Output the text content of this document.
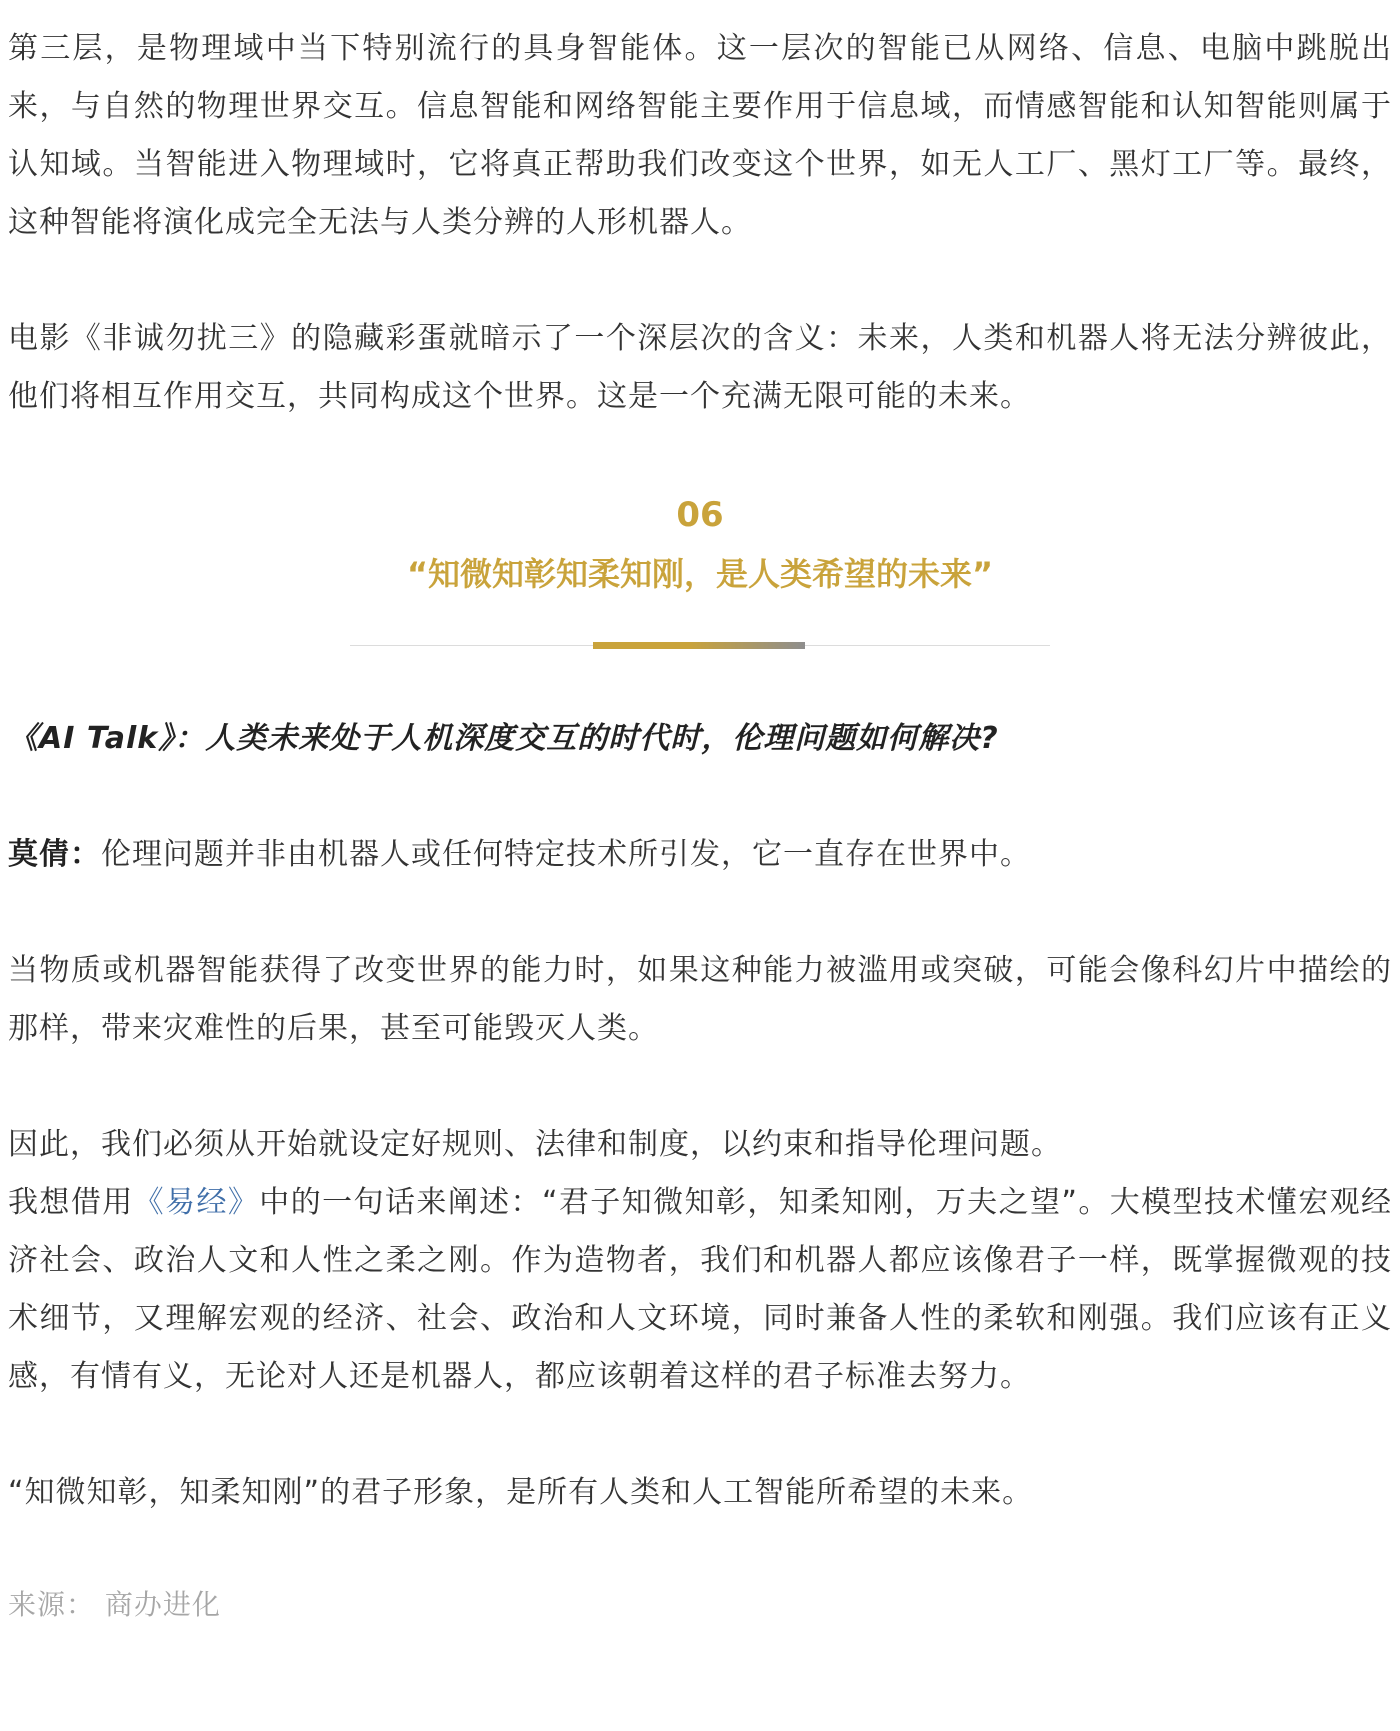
第三层，是物理域中当下特别流行的具身智能体。这一层次的智能已从网络、信息、电脑中跳脱出来，与自然的物理世界交互。信息智能和网络智能主要作用于信息域，而情感智能和认知智能则属于认知域。当智能进入物理域时，它将真正帮助我们改变这个世界，如无人工厂、黑灯工厂等。最终，这种智能将演化成完全无法与人类分辨的人形机器人。

电影《非诚勿扰三》的隐藏彩蛋就暗示了一个深层次的含义：未来，人类和机器人将无法分辨彼此，他们将相互作用交互，共同构成这个世界。这是一个充满无限可能的未来。

06
“知微知彰知柔知刚，是人类希望的未来”

《AI Talk》：人类未来处于人机深度交互的时代时，伦理问题如何解决?

莫倩：伦理问题并非由机器人或任何特定技术所引发，它一直存在世界中。

当物质或机器智能获得了改变世界的能力时，如果这种能力被滥用或突破，可能会像科幻片中描绘的那样，带来灾难性的后果，甚至可能毁灭人类。

因此，我们必须从开始就设定好规则、法律和制度，以约束和指导伦理问题。

我想借用《易经》中的一句话来阐述：“君子知微知彰，知柔知刚，万夫之望”。大模型技术懂宏观经济社会、政治人文和人性之柔之刚。作为造物者，我们和机器人都应该像君子一样，既掌握微观的技术细节，又理解宏观的经济、社会、政治和人文环境，同时兼备人性的柔软和刚强。我们应该有正义感，有情有义，无论对人还是机器人，都应该朝着这样的君子标准去努力。

“知微知彰，知柔知刚”的君子形象，是所有人类和人工智能所希望的未来。

来源： 商办进化
